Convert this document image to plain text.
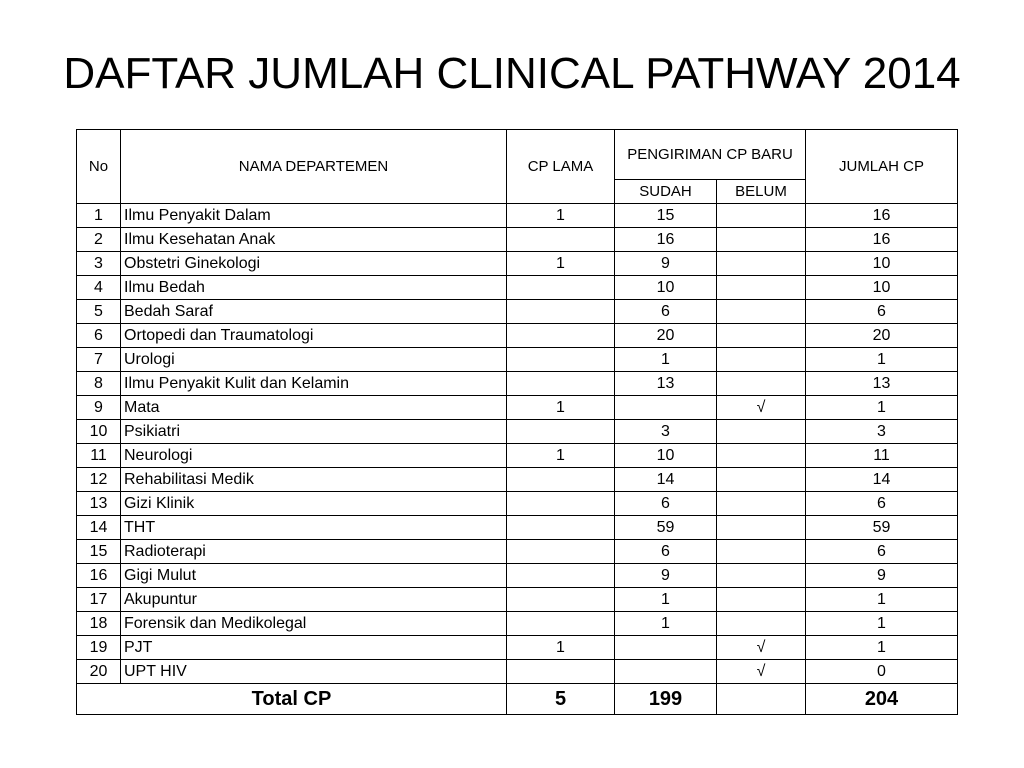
DAFTAR JUMLAH CLINICAL PATHWAY 2014
No	NAMA DEPARTEMEN	CP LAMA	PENGIRIMAN CP BARU		JUMLAH CP
			SUDAH	BELUM	
1	Ilmu Penyakit Dalam	1	15		16
2	Ilmu Kesehatan Anak		16		16
3	Obstetri Ginekologi	1	9		10
4	Ilmu Bedah		10		10
5	Bedah Saraf		6		6
6	Ortopedi dan Traumatologi		20		20
7	Urologi		1		1
8	Ilmu Penyakit Kulit dan Kelamin		13		13
9	Mata	1		√	1
10	Psikiatri		3		3
11	Neurologi	1	10		11
12	Rehabilitasi Medik		14		14
13	Gizi Klinik		6		6
14	THT		59		59
15	Radioterapi		6		6
16	Gigi Mulut		9		9
17	Akupuntur		1		1
18	Forensik dan Medikolegal		1		1
19	PJT	1		√	1
20	UPT HIV			√	0
Total CP		5	199		204
